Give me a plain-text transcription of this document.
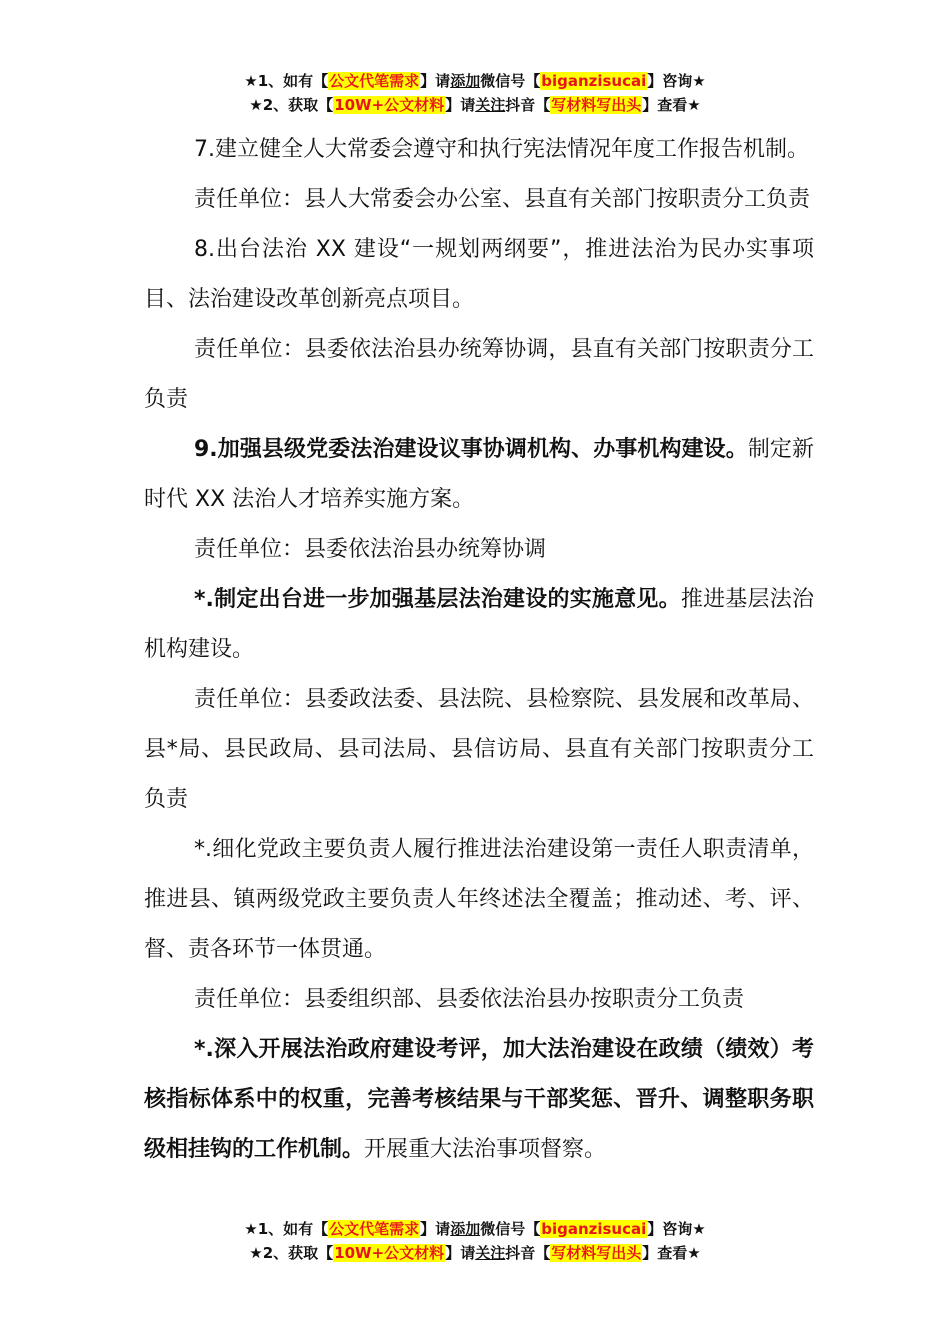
★1、如有【公文代笔需求】请添加微信号【biganzisucai】咨询★
★2、获取【10W+公文材料】请关注抖音【写材料写出头】查看★

7.建立健全人大常委会遵守和执行宪法情况年度工作报告机制。

责任单位：县人大常委会办公室、县直有关部门按职责分工负责

8.出台法治 XX 建设“一规划两纲要”，推进法治为民办实事项目、法治建设改革创新亮点项目。

责任单位：县委依法治县办统筹协调，县直有关部门按职责分工负责

9.加强县级党委法治建设议事协调机构、办事机构建设。制定新时代 XX 法治人才培养实施方案。

责任单位：县委依法治县办统筹协调

*.制定出台进一步加强基层法治建设的实施意见。推进基层法治机构建设。

责任单位：县委政法委、县法院、县检察院、县发展和改革局、县*局、县民政局、县司法局、县信访局、县直有关部门按职责分工负责

*.细化党政主要负责人履行推进法治建设第一责任人职责清单，推进县、镇两级党政主要负责人年终述法全覆盖；推动述、考、评、督、责各环节一体贯通。

责任单位：县委组织部、县委依法治县办按职责分工负责

*.深入开展法治政府建设考评，加大法治建设在政绩（绩效）考核指标体系中的权重，完善考核结果与干部奖惩、晋升、调整职务职级相挂钩的工作机制。开展重大法治事项督察。

★1、如有【公文代笔需求】请添加微信号【biganzisucai】咨询★
★2、获取【10W+公文材料】请关注抖音【写材料写出头】查看★
